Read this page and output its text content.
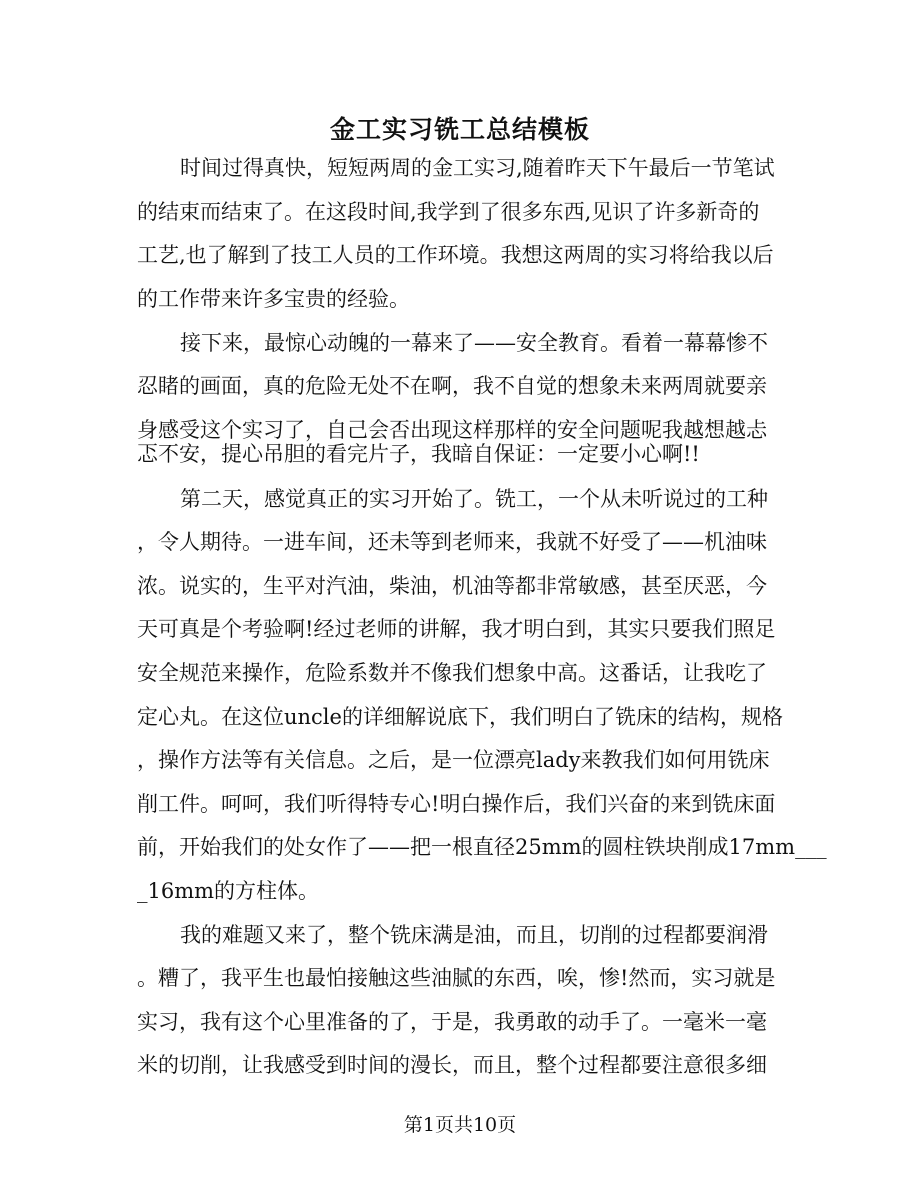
金工实习铣工总结模板

时间过得真快，短短两周的金工实习,随着昨天下午最后一节笔试

的结束而结束了。在这段时间,我学到了很多东西,见识了许多新奇的

工艺,也了解到了技工人员的工作环境。我想这两周的实习将给我以后

的工作带来许多宝贵的经验。

接下来，最惊心动魄的一幕来了——安全教育。看着一幕幕惨不

忍睹的画面，真的危险无处不在啊，我不自觉的想象未来两周就要亲

身感受这个实习了，自己会否出现这样那样的安全问题呢我越想越忐

忑不安，提心吊胆的看完片子，我暗自保证：一定要小心啊!!

第二天，感觉真正的实习开始了。铣工，一个从未听说过的工种

，令人期待。一进车间，还未等到老师来，我就不好受了——机油味

浓。说实的，生平对汽油，柴油，机油等都非常敏感，甚至厌恶，今

天可真是个考验啊!经过老师的讲解，我才明白到，其实只要我们照足

安全规范来操作，危险系数并不像我们想象中高。这番话，让我吃了

定心丸。在这位uncle的详细解说底下，我们明白了铣床的结构，规格

，操作方法等有关信息。之后，是一位漂亮lady来教我们如何用铣床

削工件。呵呵，我们听得特专心!明白操作后，我们兴奋的来到铣床面

前，开始我们的处女作了——把一根直径25mm的圆柱铁块削成17mm___

_16mm的方柱体。

我的难题又来了，整个铣床满是油，而且，切削的过程都要润滑

。糟了，我平生也最怕接触这些油腻的东西，唉，惨!然而，实习就是

实习，我有这个心里准备的了，于是，我勇敢的动手了。一毫米一毫

米的切削，让我感受到时间的漫长，而且，整个过程都要注意很多细

第1页共10页
